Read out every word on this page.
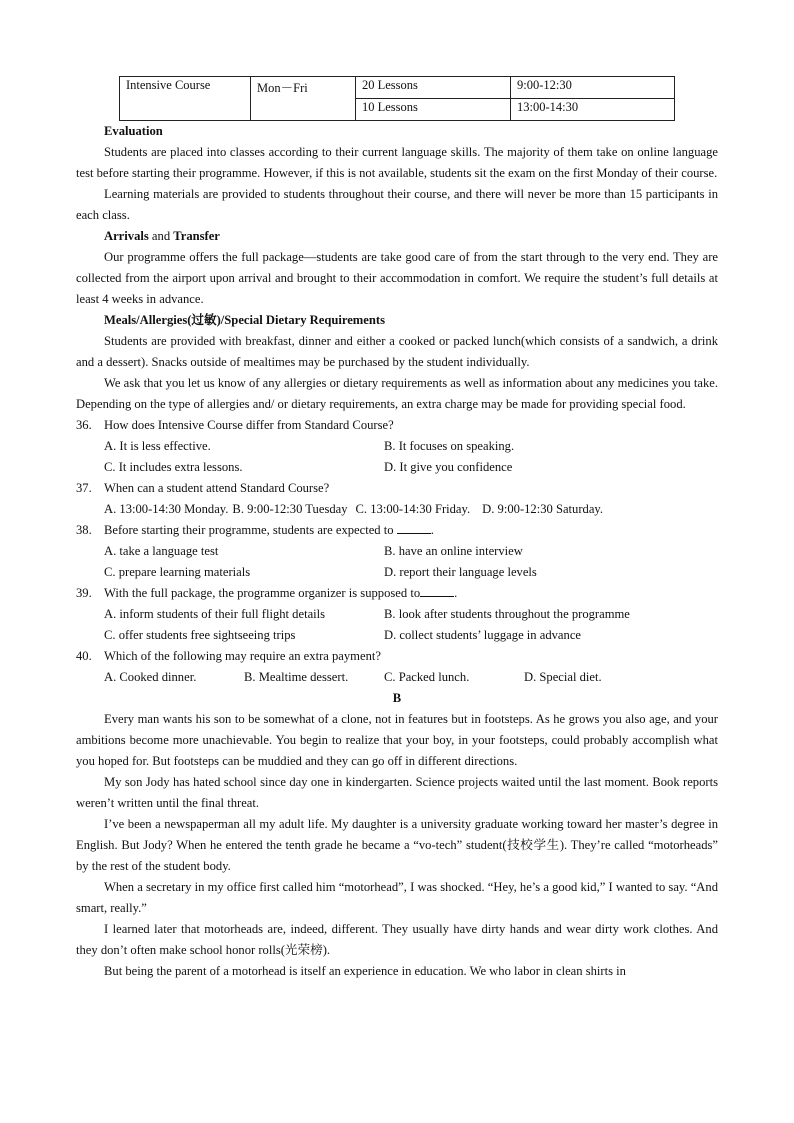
Intensive Course	Mon－Fri	20 Lessons	9:00-12:30
		10 Lessons	13:00-14:30

Evaluation

Students are placed into classes according to their current language skills. The majority of them take on online language test before starting their programme. However, if this is not available, students sit the exam on the first Monday of their course.

Learning materials are provided to students throughout their course, and there will never be more than 15 participants in each class.

Arrivals and Transfer

Our programme offers the full package—students are take good care of from the start through to the very end. They are collected from the airport upon arrival and brought to their accommodation in comfort. We require the student’s full details at least 4 weeks in advance.

Meals/Allergies(过敏)/Special Dietary Requirements

Students are provided with breakfast, dinner and either a cooked or packed lunch(which consists of a sandwich, a drink and a dessert). Snacks outside of mealtimes may be purchased by the student individually.

We ask that you let us know of any allergies or dietary requirements as well as information about any medicines you take. Depending on the type of allergies and/ or dietary requirements, an extra charge may be made for providing special food.

36. How does Intensive Course differ from Standard Course?
A. It is less effective.	B. It focuses on speaking.
C. It includes extra lessons.	D. It give you confidence
37. When can a student attend Standard Course?
A. 13:00-14:30 Monday. B. 9:00-12:30 Tuesday C. 13:00-14:30 Friday. D. 9:00-12:30 Saturday.
38. Before starting their programme, students are expected to	.
A. take a language test	B. have an online interview
C. prepare learning materials	D. report their language levels
39. With the full package, the programme organizer is supposed to	.
A. inform students of their full flight details	B. look after students throughout the programme
C. offer students free sightseeing trips	D. collect students’ luggage in advance
40. Which of the following may require an extra payment?
A. Cooked dinner.	B. Mealtime dessert.	C. Packed lunch.	D. Special diet.

B

Every man wants his son to be somewhat of a clone, not in features but in footsteps. As he grows you also age, and your ambitions become more unachievable. You begin to realize that your boy, in your footsteps, could probably accomplish what you hoped for. But footsteps can be muddied and they can go off in different directions.

My son Jody has hated school since day one in kindergarten. Science projects waited until the last moment. Book reports weren’t written until the final threat.

I’ve been a newspaperman all my adult life. My daughter is a university graduate working toward her master’s degree in English. But Jody? When he entered the tenth grade he became a “vo-tech” student(技校学生). They’re called “motorheads” by the rest of the student body.

When a secretary in my office first called him “motorhead”, I was shocked. “Hey, he’s a good kid,” I wanted to say. “And smart, really.”

I learned later that motorheads are, indeed, different. They usually have dirty hands and wear dirty work clothes. And they don’t often make school honor rolls(光荣榜).

But being the parent of a motorhead is itself an experience in education. We who labor in clean shirts in
